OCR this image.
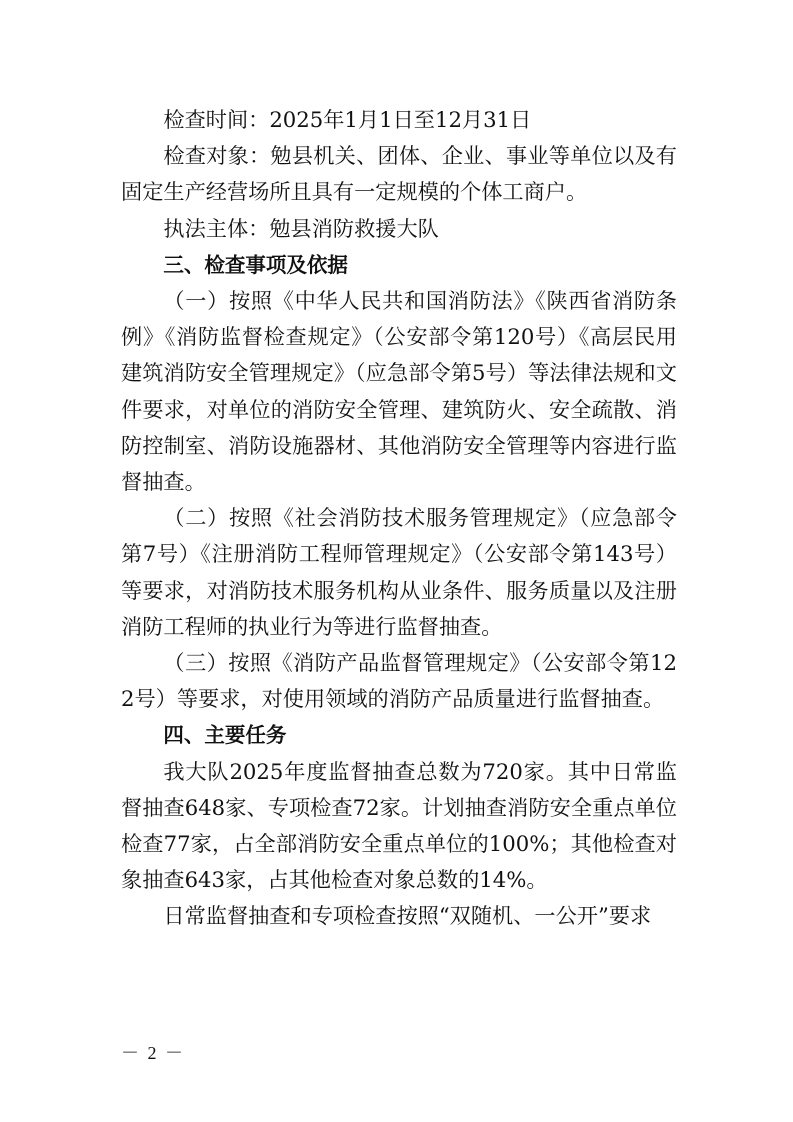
检查时间：2025年1月1日至12月31日

检查对象：勉县机关、团体、企业、事业等单位以及有固定生产经营场所且具有一定规模的个体工商户。

执法主体：勉县消防救援大队

三、检查事项及依据

（一）按照《中华人民共和国消防法》《陕西省消防条例》《消防监督检查规定》（公安部令第120号）《高层民用建筑消防安全管理规定》（应急部令第5号）等法律法规和文件要求，对单位的消防安全管理、建筑防火、安全疏散、消防控制室、消防设施器材、其他消防安全管理等内容进行监督抽查。

（二）按照《社会消防技术服务管理规定》（应急部令第7号）《注册消防工程师管理规定》（公安部令第143号）等要求，对消防技术服务机构从业条件、服务质量以及注册消防工程师的执业行为等进行监督抽查。

（三）按照《消防产品监督管理规定》（公安部令第122号）等要求，对使用领域的消防产品质量进行监督抽查。

四、主要任务

我大队2025年度监督抽查总数为720家。其中日常监督抽查648家、专项检查72家。计划抽查消防安全重点单位检查77家，占全部消防安全重点单位的100%；其他检查对象抽查643家，占其他检查对象总数的14%。

日常监督抽查和专项检查按照“双随机、一公开”要求

－ 2 －
